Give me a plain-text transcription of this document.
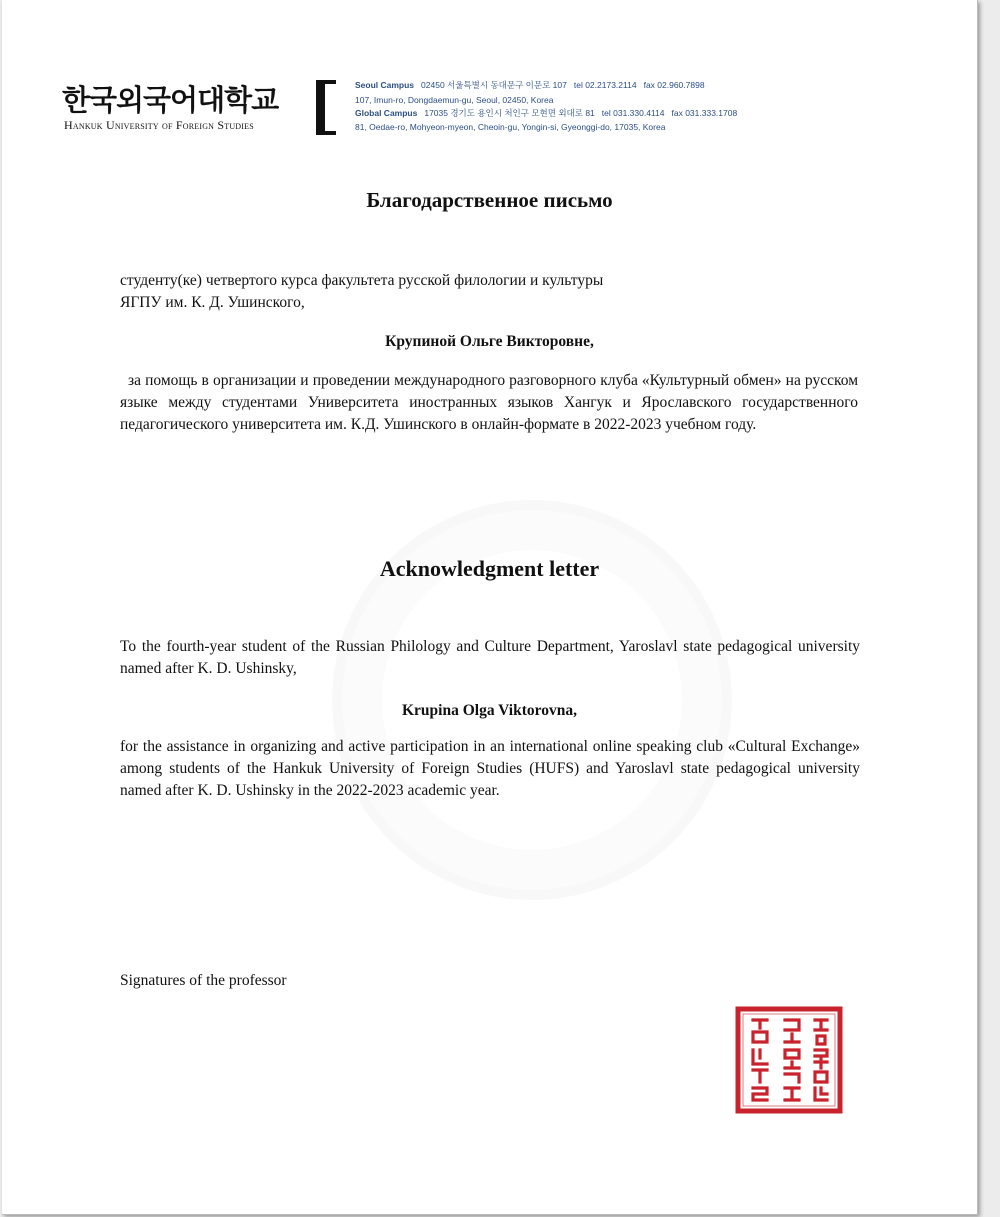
한국외국어대학교
Hankuk University of Foreign Studies
Seoul Campus 02450 서울특별시 동대문구 이문로 107 tel 02.2173.2114 fax 02.960.7898
107, Imun-ro, Dongdaemun-gu, Seoul, 02450, Korea
Global Campus 17035 경기도 용인시 처인구 모현면 외대로 81 tel 031.330.4114 fax 031.333.1708
81, Oedae-ro, Mohyeon-myeon, Cheoin-gu, Yongin-si, Gyeonggi-do, 17035, Korea
Благодарственное письмо
студенту(ке) четвертого курса факультета русской филологии и культуры
ЯГПУ им. К. Д. Ушинского,
Крупиной Ольге Викторовне,
за помощь в организации и проведении международного разговорного клуба «Культурный обмен» на русском языке между студентами Университета иностранных языков Хангук и Ярославского государственного педагогического университета им. К.Д. Ушинского в онлайн-формате в 2022-2023 учебном году.
Acknowledgment letter
To the fourth-year student of the Russian Philology and Culture Department, Yaroslavl state pedagogical university named after K. D. Ushinsky,
Krupina Olga Viktorovna,
for the assistance in organizing and active participation in an international online speaking club «Cultural Exchange» among students of the Hankuk University of Foreign Studies (HUFS) and Yaroslavl state pedagogical university named after K. D. Ushinsky in the 2022-2023 academic year.
Signatures of the professor
